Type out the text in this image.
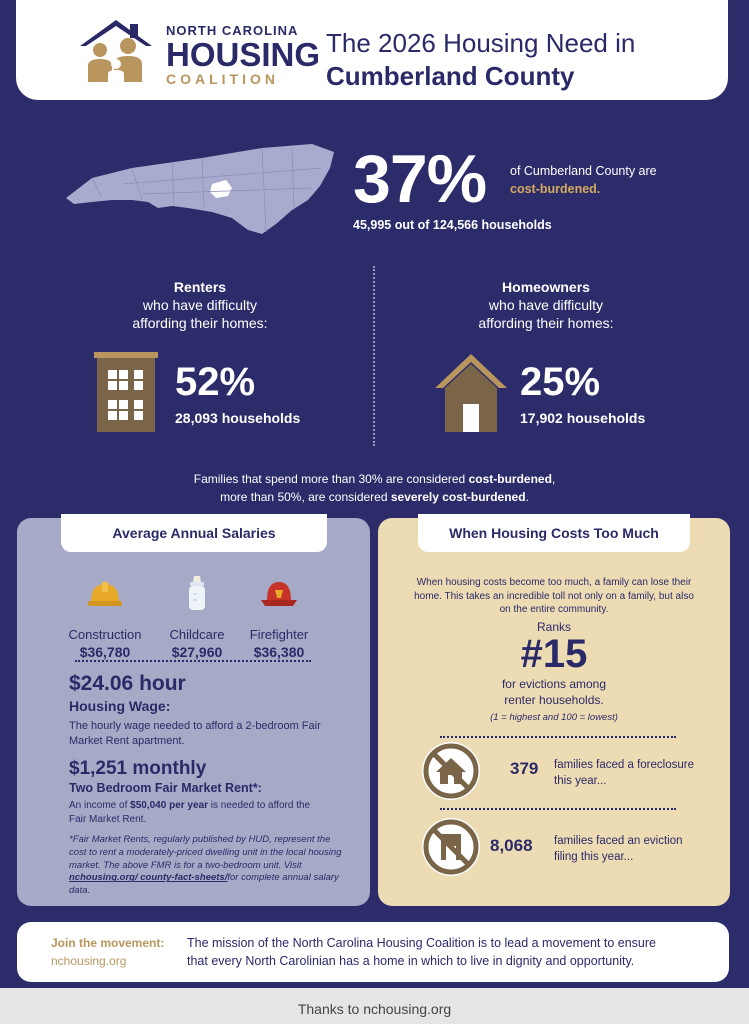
NORTH CAROLINA
HOUSING
COALITION
The 2026 Housing Need in
Cumberland County
37% of Cumberland County are
cost-burdened.
45,995 out of 124,566 households
Renters
who have difficulty
affording their homes:
52%
28,093 households
Homeowners
who have difficulty
affording their homes:
25%
17,902 households
Families that spend more than 30% are considered cost-burdened,
more than 50%, are considered severely cost-burdened.
Average Annual Salaries
Construction
$36,780
Childcare
$27,960
Firefighter
$36,380
$24.06 hour
Housing Wage:
The hourly wage needed to afford a 2-bedroom Fair Market Rent apartment.
$1,251 monthly
Two Bedroom Fair Market Rent*:
An income of $50,040 per year is needed to afford the Fair Market Rent.
*Fair Market Rents, regularly published by HUD, represent the cost to rent a moderately-priced dwelling unit in the local housing market. The above FMR is for a two-bedroom unit. Visit nchousing.org/ county-fact-sheets/for complete annual salary data.
When Housing Costs Too Much
When housing costs become too much, a family can lose their home. This takes an incredible toll not only on a family, but also on the entire community.
Ranks
#15
for evictions among
renter households.
(1 = highest and 100 = lowest)
379 families faced a foreclosure
this year...
8,068 families faced an eviction
filing this year...
Join the movement:
nchousing.org
The mission of the North Carolina Housing Coalition is to lead a movement to ensure
that every North Carolinian has a home in which to live in dignity and opportunity.
Thanks to nchousing.org
